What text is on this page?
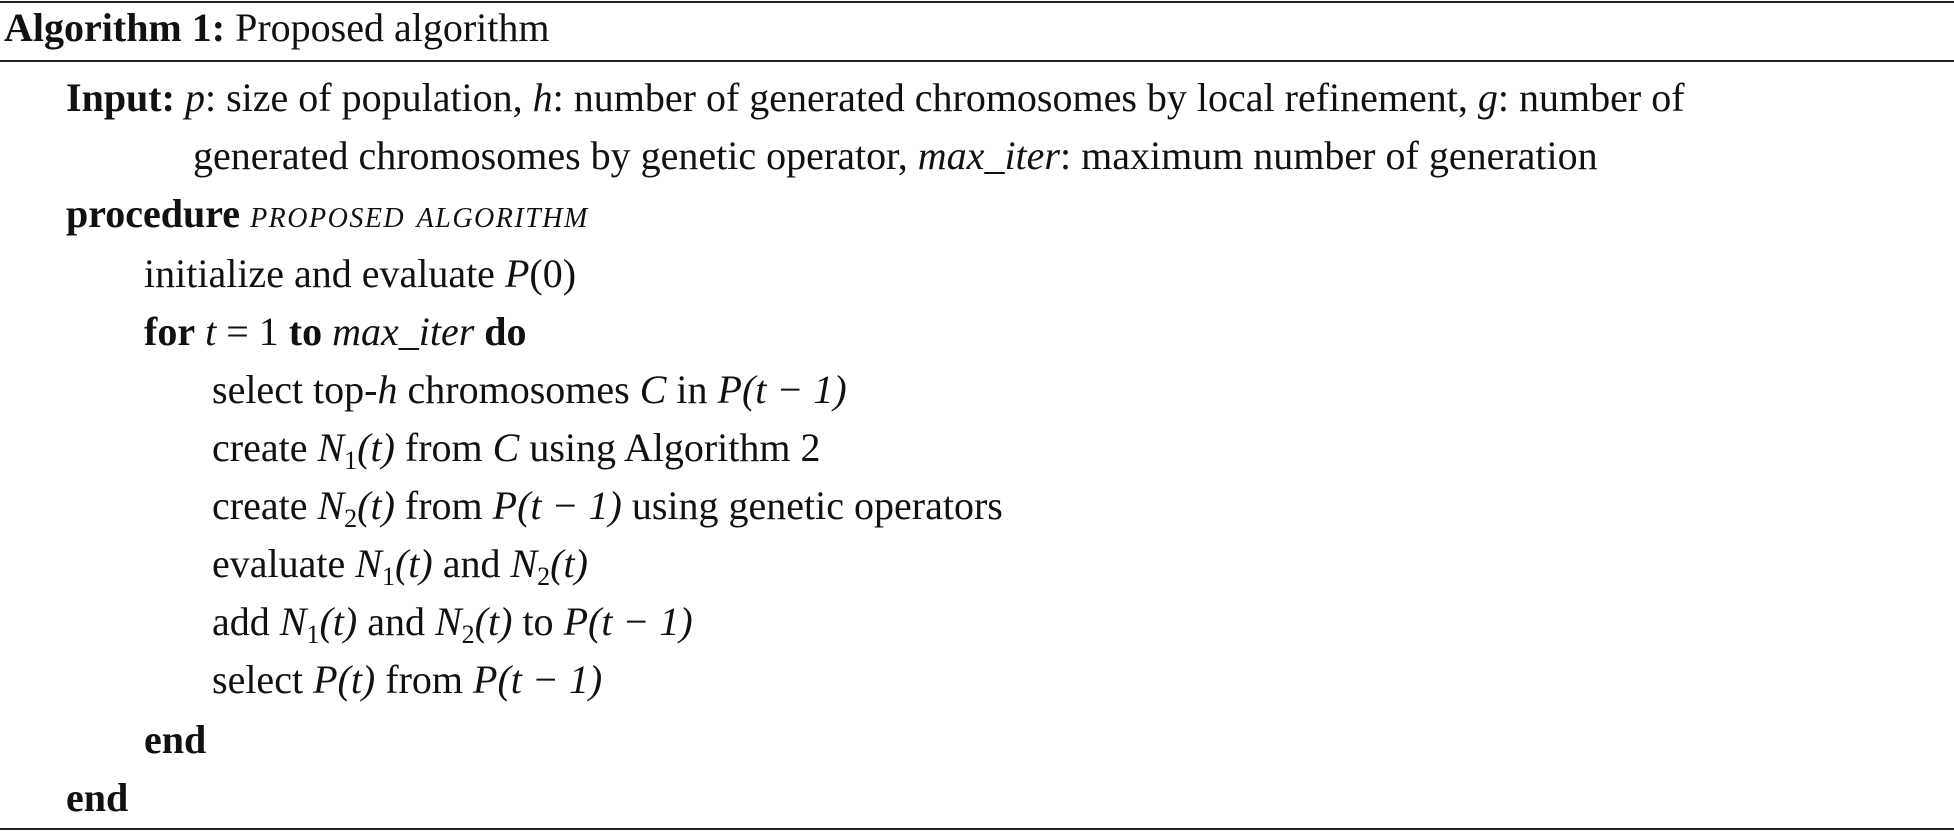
Algorithm 1: Proposed algorithm
Input: p: size of population, h: number of generated chromosomes by local refinement, g: number of
generated chromosomes by genetic operator, max_iter: maximum number of generation
procedure proposed algorithm
initialize and evaluate P(0)
for t = 1 to max_iter do
select top-h chromosomes C in P(t − 1)
create $N_1(t)$ from C using Algorithm 2
create $N_2(t)$ from P(t − 1) using genetic operators
evaluate $N_1(t)$ and $N_2(t)$
add $N_1(t)$ and $N_2(t)$ to P(t − 1)
select P(t) from P(t − 1)
end
end
